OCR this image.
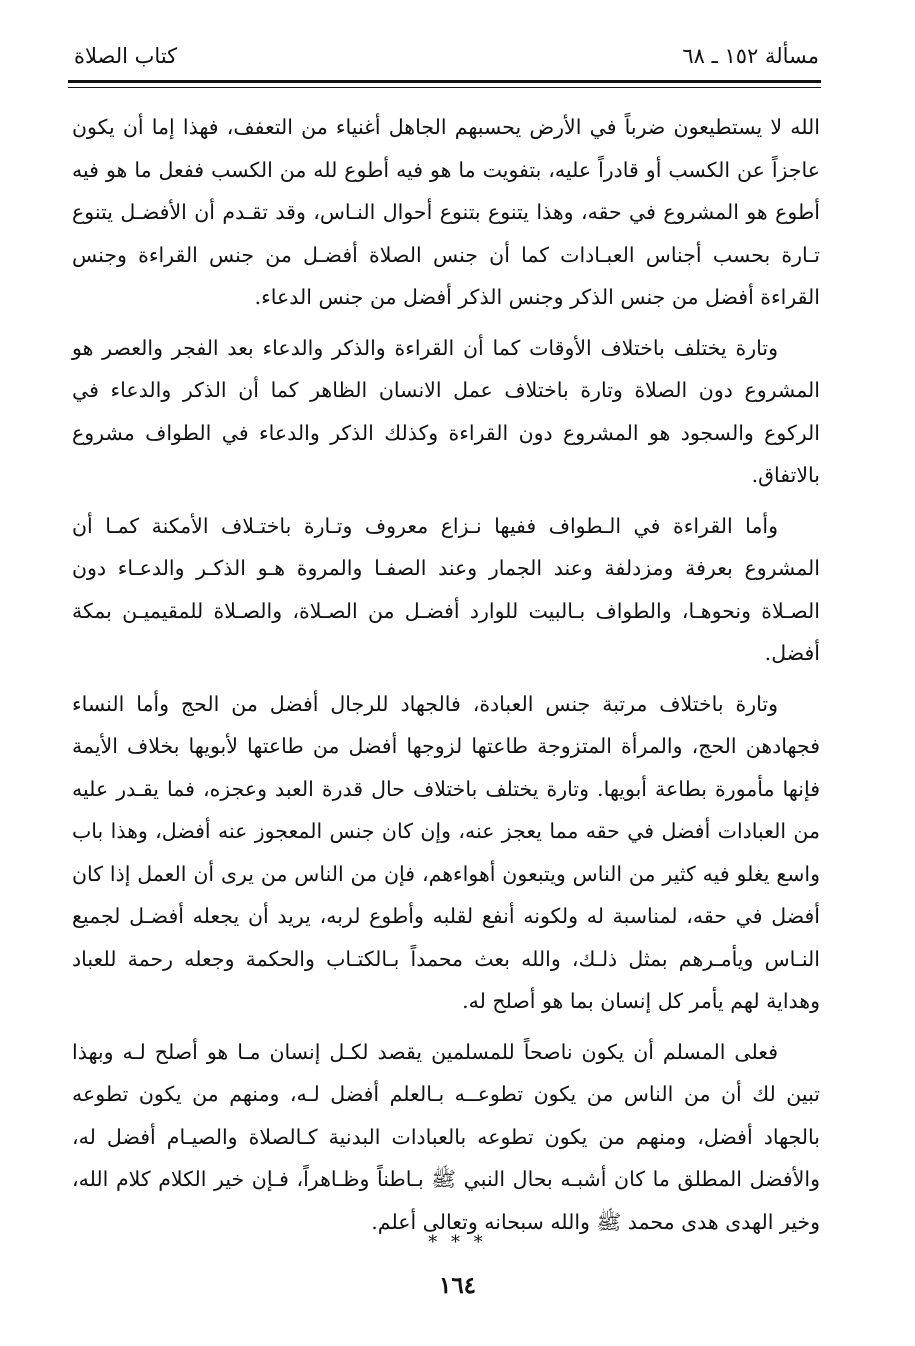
كتاب الصلاة	مسألة ١٥٢ ـ ٦٨

الله لا يستطيعون ضرباً في الأرض يحسبهم الجاهل أغنياء من التعفف، فهذا إما أن يكون عاجزاً عن الكسب أو قادراً عليه، بتفويت ما هو فيه أطوع لله من الكسب ففعل ما هو فيه أطوع هو المشروع في حقه، وهذا يتنوع بتنوع أحوال النـاس، وقد تقـدم أن الأفضـل يتنوع تـارة بحسب أجناس العبـادات كما أن جنس الصلاة أفضـل من جنس القراءة وجنس القراءة أفضل من جنس الذكر وجنس الذكر أفضل من جنس الدعاء.

وتارة يختلف باختلاف الأوقات كما أن القراءة والذكر والدعاء بعد الفجر والعصر هو المشروع دون الصلاة وتارة باختلاف عمل الانسان الظاهر كما أن الذكر والدعاء في الركوع والسجود هو المشروع دون القراءة وكذلك الذكر والدعاء في الطواف مشروع بالاتفاق.

وأما القراءة في الـطواف ففيها نـزاع معروف وتـارة باختـلاف الأمكنة كمـا أن المشروع بعرفة ومزدلفة وعند الجمار وعند الصفـا والمروة هـو الذكـر والدعـاء دون الصـلاة ونحوهـا، والطواف بـالبيت للوارد أفضـل من الصـلاة، والصـلاة للمقيميـن بمكة أفضل.

وتارة باختلاف مرتبة جنس العبادة، فالجهاد للرجال أفضل من الحج وأما النساء فجهادهن الحج، والمرأة المتزوجة طاعتها لزوجها أفضل من طاعتها لأبويها بخلاف الأيمة فإنها مأمورة بطاعة أبويها. وتارة يختلف باختلاف حال قدرة العبد وعجزه، فما يقـدر عليه من العبادات أفضل في حقه مما يعجز عنه، وإن كان جنس المعجوز عنه أفضل، وهذا باب واسع يغلو فيه كثير من الناس ويتبعون أهواءهم، فإن من الناس من يرى أن العمل إذا كان أفضل في حقه، لمناسبة له ولكونه أنفع لقلبه وأطوع لربه، يريد أن يجعله أفضـل لجميع النـاس ويأمـرهم بمثل ذلـك، والله بعث محمداً بـالكتـاب والحكمة وجعله رحمة للعباد وهداية لهم يأمر كل إنسان بما هو أصلح له.

فعلى المسلم أن يكون ناصحاً للمسلمين يقصد لكـل إنسان مـا هو أصلح لـه وبهذا تبين لك أن من الناس من يكون تطوعــه بـالعلم أفضل لـه، ومنهم من يكون تطوعه بالجهاد أفضل، ومنهم من يكون تطوعه بالعبادات البدنية كـالصلاة والصيـام أفضل له، والأفضل المطلق ما كان أشبـه بحال النبي ﷺ بـاطناً وظـاهراً، فـإن خير الكلام كلام الله، وخير الهدى هدى محمد ﷺ والله سبحانه وتعالى أعلم.

* * *
١٦٤
